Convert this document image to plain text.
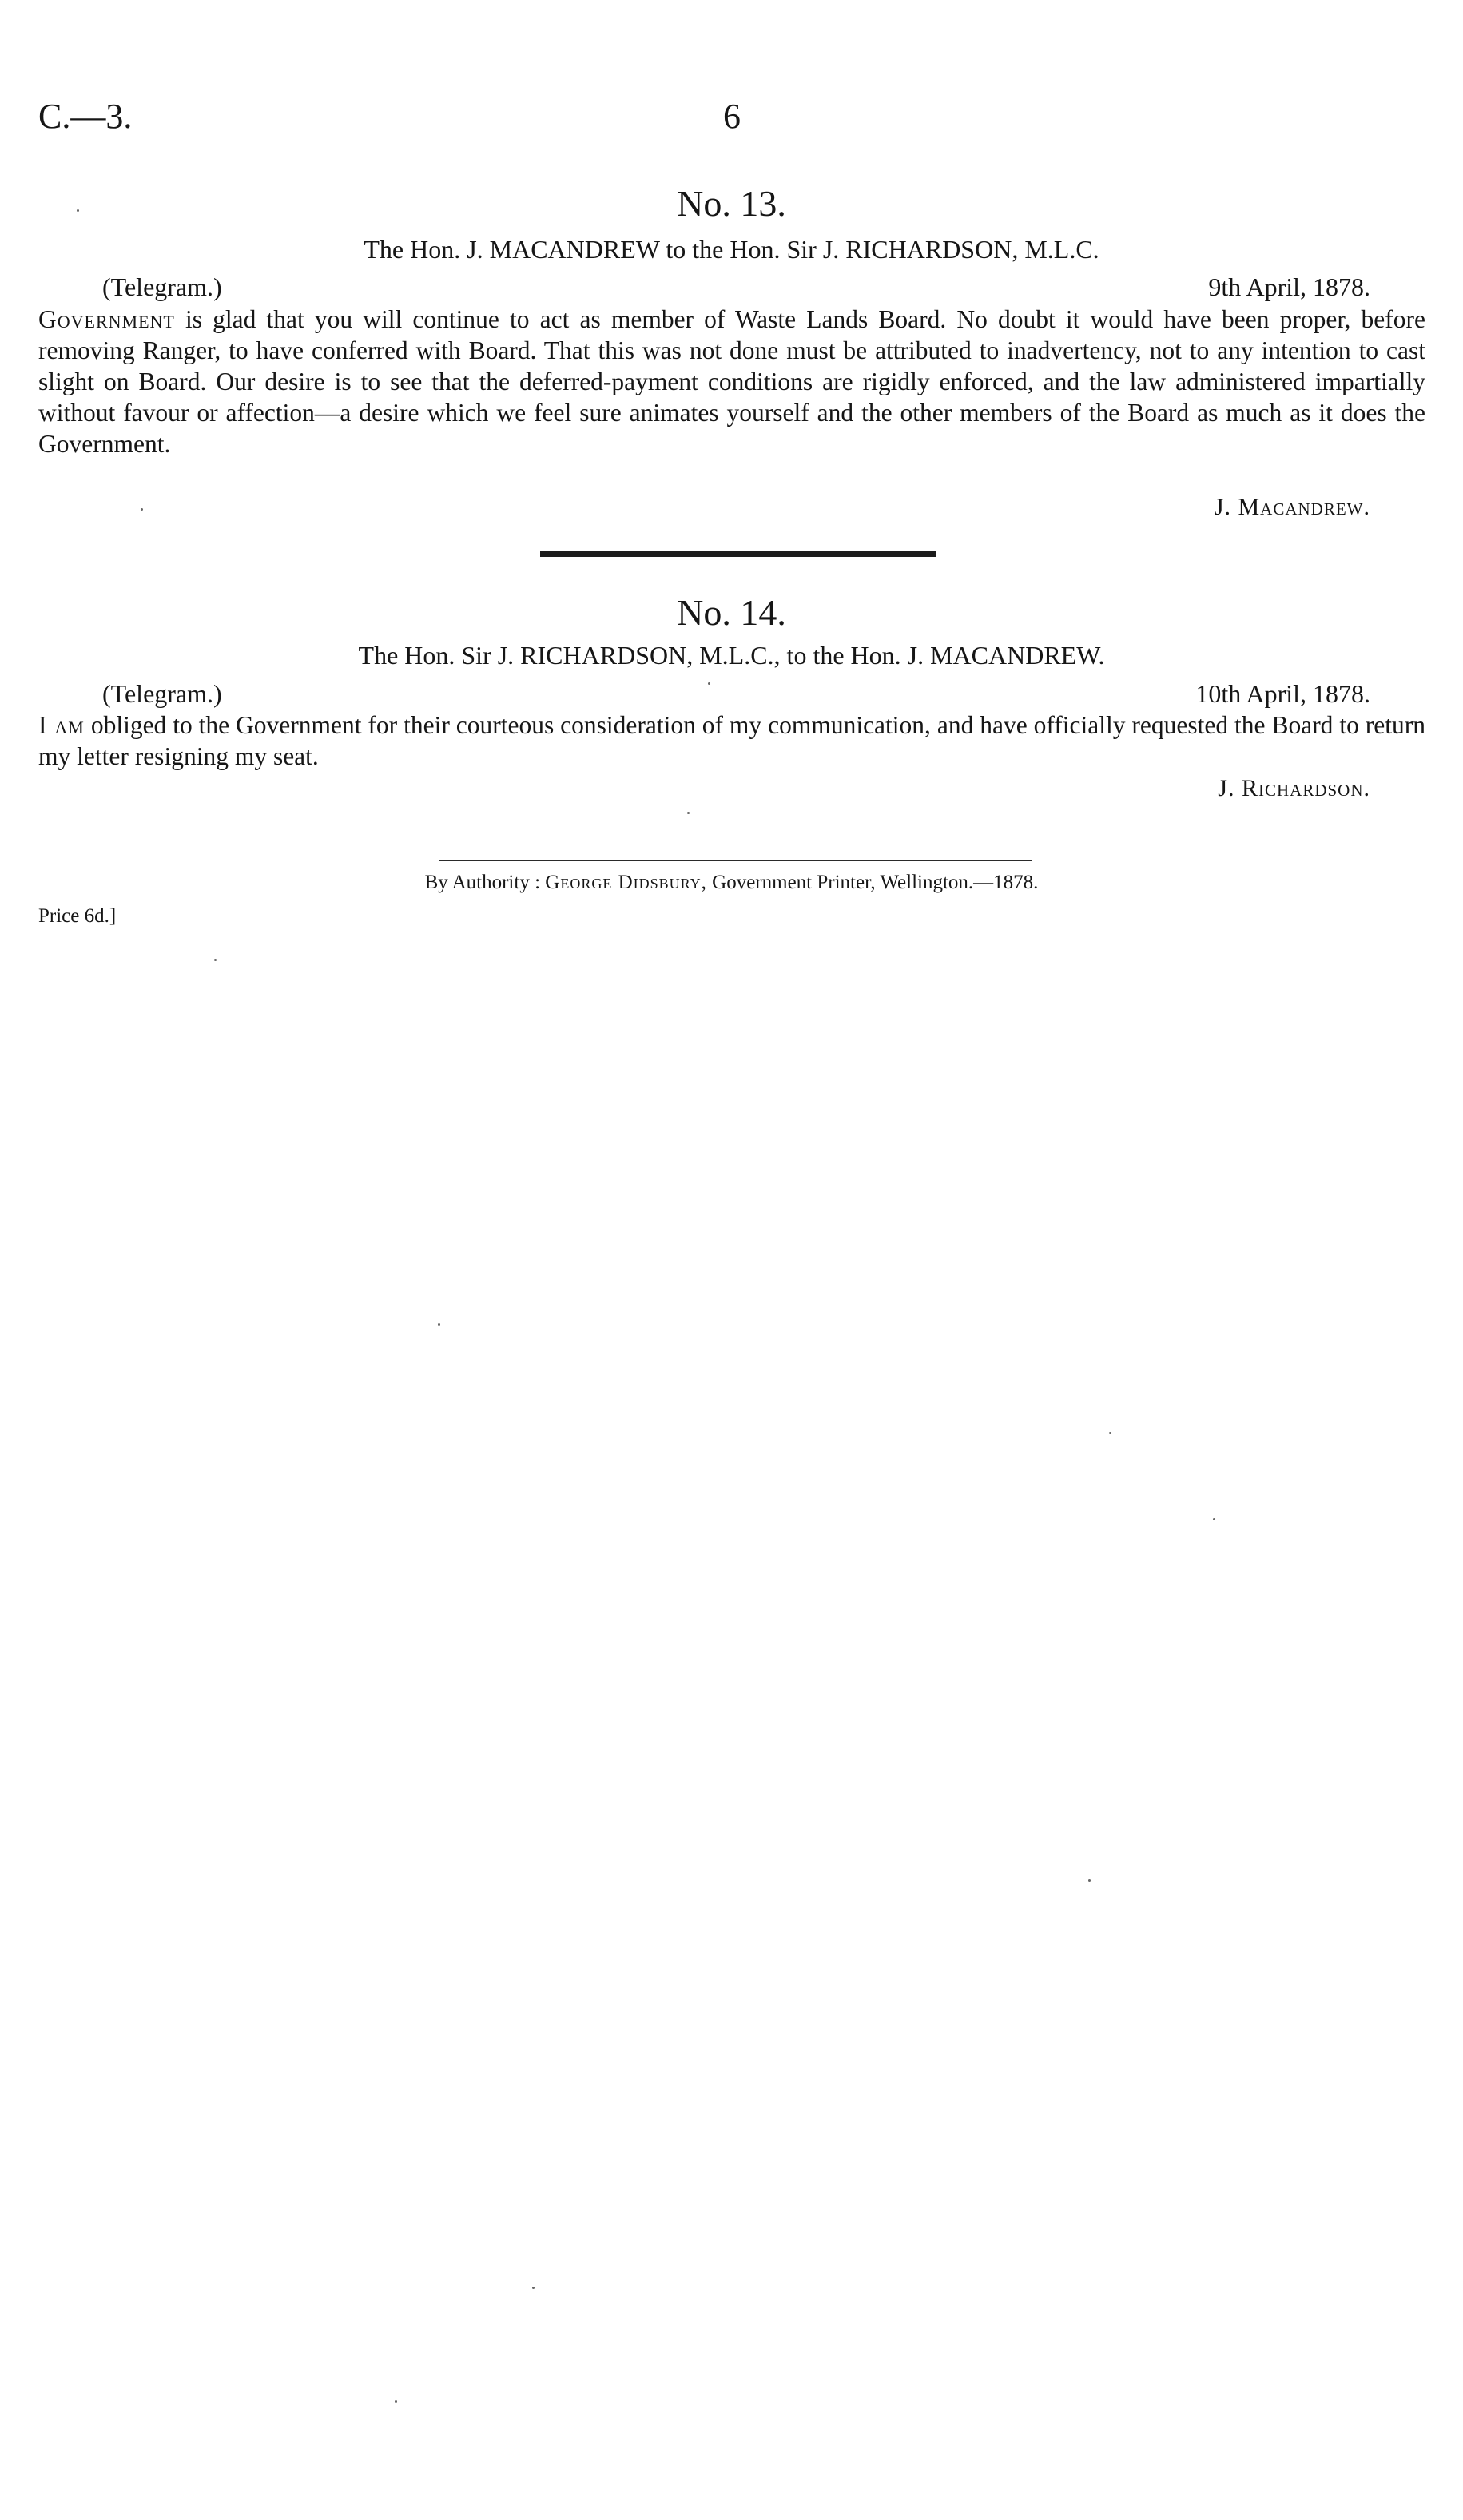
C.—3.	6
No. 13.
The Hon. J. MACANDREW to the Hon. Sir J. RICHARDSON, M.L.C.
(Telegram.)	9th April, 1878.
Government is glad that you will continue to act as member of Waste Lands Board. No doubt it would have been proper, before removing Ranger, to have conferred with Board. That this was not done must be attributed to inadvertency, not to any intention to cast slight on Board. Our desire is to see that the deferred-payment conditions are rigidly enforced, and the law administered impartially without favour or affection—a desire which we feel sure animates yourself and the other members of the Board as much as it does the Government.
J. Macandrew.
No. 14.
The Hon. Sir J. RICHARDSON, M.L.C., to the Hon. J. MACANDREW.
(Telegram.)	10th April, 1878.
I am obliged to the Government for their courteous consideration of my communication, and have officially requested the Board to return my letter resigning my seat.
J. Richardson.
By Authority : George Didsbury, Government Printer, Wellington.—1878.
Price 6d.]
